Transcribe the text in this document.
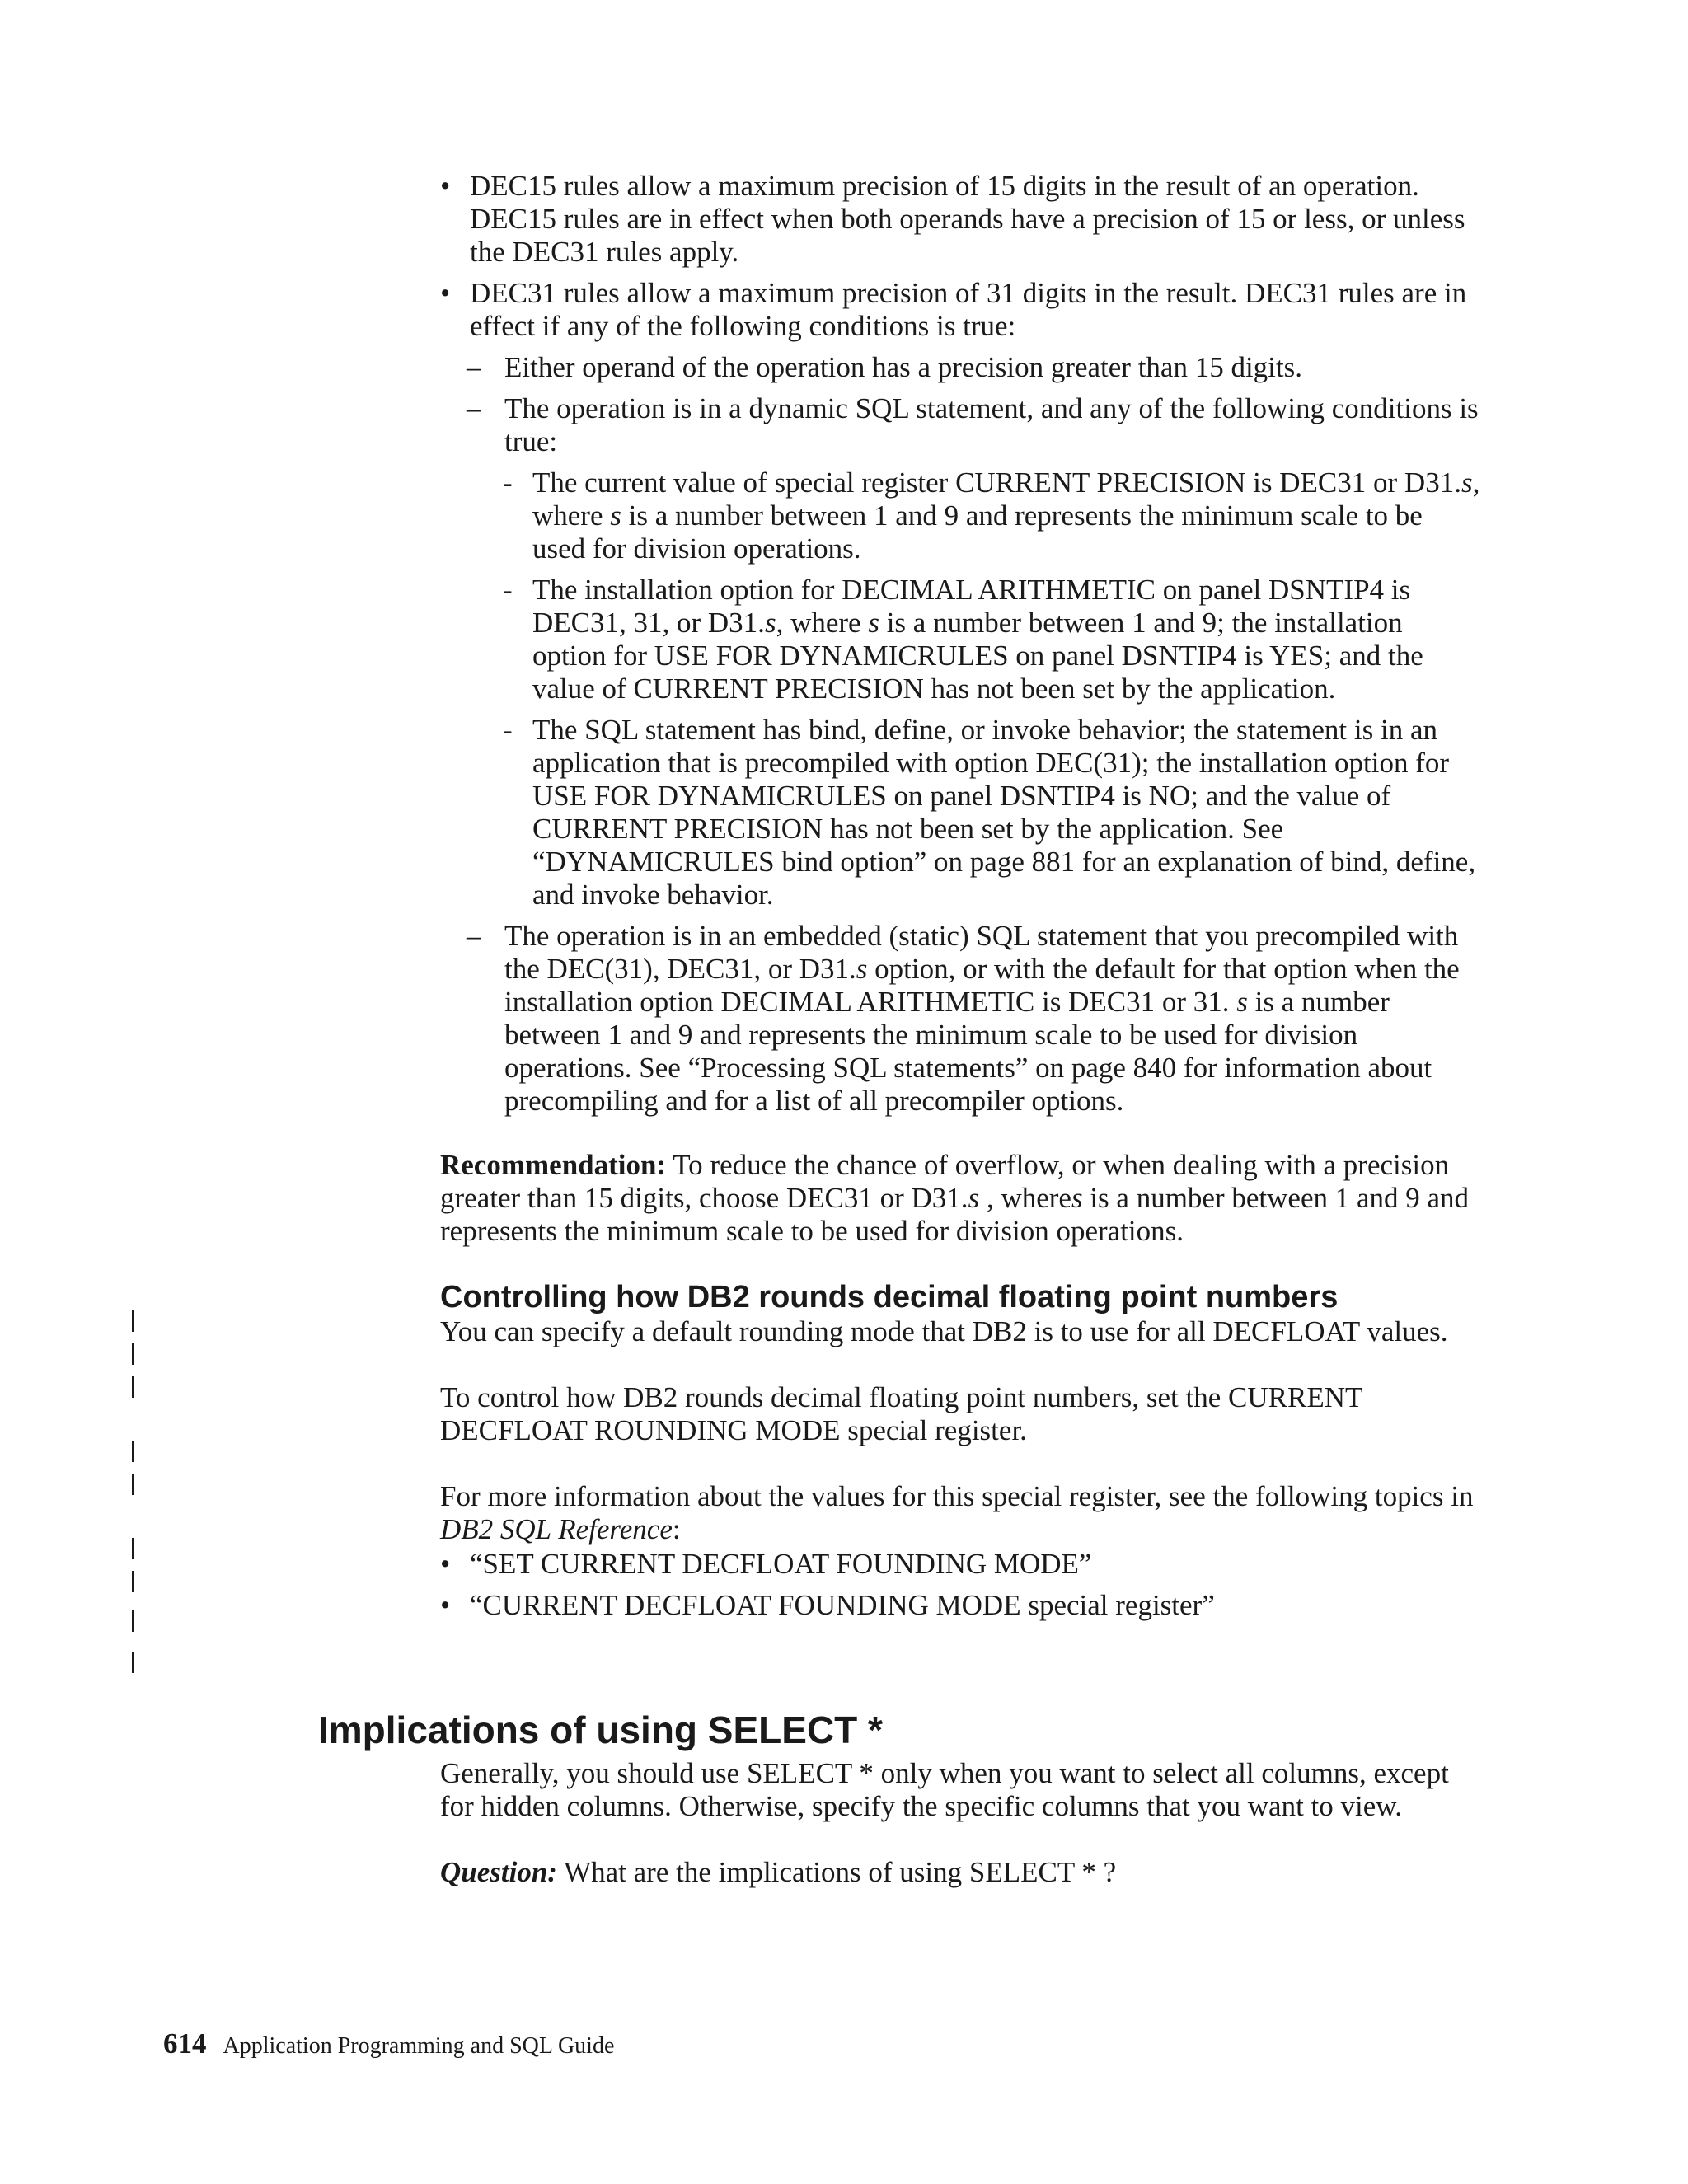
• DEC15 rules allow a maximum precision of 15 digits in the result of an operation. DEC15 rules are in effect when both operands have a precision of 15 or less, or unless the DEC31 rules apply.
• DEC31 rules allow a maximum precision of 31 digits in the result. DEC31 rules are in effect if any of the following conditions is true:
– Either operand of the operation has a precision greater than 15 digits.
– The operation is in a dynamic SQL statement, and any of the following conditions is true:
- The current value of special register CURRENT PRECISION is DEC31 or D31.s, where s is a number between 1 and 9 and represents the minimum scale to be used for division operations.
- The installation option for DECIMAL ARITHMETIC on panel DSNTIP4 is DEC31, 31, or D31.s, where s is a number between 1 and 9; the installation option for USE FOR DYNAMICRULES on panel DSNTIP4 is YES; and the value of CURRENT PRECISION has not been set by the application.
- The SQL statement has bind, define, or invoke behavior; the statement is in an application that is precompiled with option DEC(31); the installation option for USE FOR DYNAMICRULES on panel DSNTIP4 is NO; and the value of CURRENT PRECISION has not been set by the application. See “DYNAMICRULES bind option” on page 881 for an explanation of bind, define, and invoke behavior.
– The operation is in an embedded (static) SQL statement that you precompiled with the DEC(31), DEC31, or D31.s option, or with the default for that option when the installation option DECIMAL ARITHMETIC is DEC31 or 31. s is a number between 1 and 9 and represents the minimum scale to be used for division operations. See “Processing SQL statements” on page 840 for information about precompiling and for a list of all precompiler options.

Recommendation: To reduce the chance of overflow, or when dealing with a precision greater than 15 digits, choose DEC31 or D31.s , wheres is a number between 1 and 9 and represents the minimum scale to be used for division operations.

Controlling how DB2 rounds decimal floating point numbers

You can specify a default rounding mode that DB2 is to use for all DECFLOAT values.

To control how DB2 rounds decimal floating point numbers, set the CURRENT DECFLOAT ROUNDING MODE special register.

For more information about the values for this special register, see the following topics in DB2 SQL Reference:

• “SET CURRENT DECFLOAT FOUNDING MODE”
• “CURRENT DECFLOAT FOUNDING MODE special register”
Implications of using SELECT *

Generally, you should use SELECT * only when you want to select all columns, except for hidden columns. Otherwise, specify the specific columns that you want to view.

Question: What are the implications of using SELECT * ?

614 Application Programming and SQL Guide
